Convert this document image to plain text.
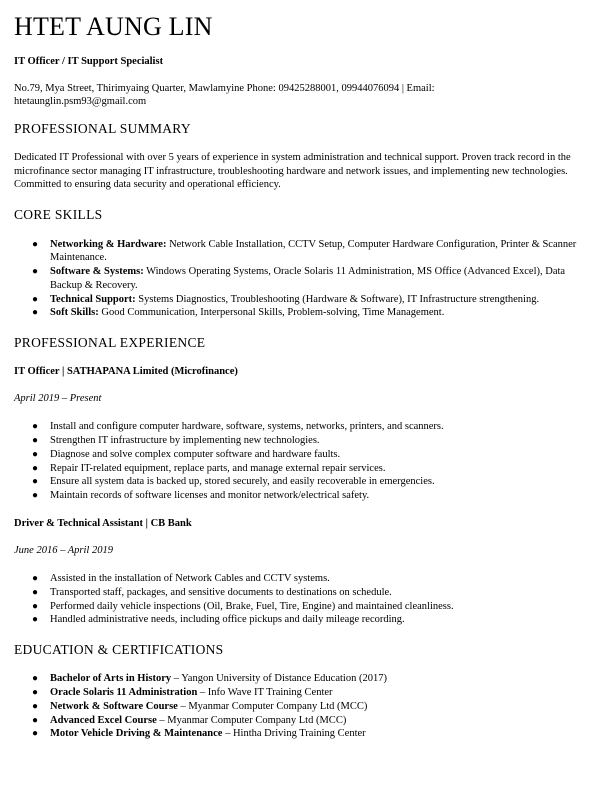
HTET AUNG LIN

IT Officer / IT Support Specialist

No.79, Mya Street, Thirimyaing Quarter, Mawlamyine Phone: 09425288001, 09944076094 | Email:
htetaunglin.psm93@gmail.com

PROFESSIONAL SUMMARY

Dedicated IT Professional with over 5 years of experience in system administration and technical support. Proven track record in the microfinance sector managing IT infrastructure, troubleshooting hardware and network issues, and implementing new technologies. Committed to ensuring data security and operational efficiency.

CORE SKILLS
● Networking & Hardware: Network Cable Installation, CCTV Setup, Computer Hardware Configuration, Printer & Scanner Maintenance.
● Software & Systems: Windows Operating Systems, Oracle Solaris 11 Administration, MS Office (Advanced Excel), Data Backup & Recovery.
● Technical Support: Systems Diagnostics, Troubleshooting (Hardware & Software), IT Infrastructure strengthening.
● Soft Skills: Good Communication, Interpersonal Skills, Problem-solving, Time Management.
PROFESSIONAL EXPERIENCE

IT Officer | SATHAPANA Limited (Microfinance)

April 2019 – Present

● Install and configure computer hardware, software, systems, networks, printers, and scanners.
● Strengthen IT infrastructure by implementing new technologies.
● Diagnose and solve complex computer software and hardware faults.
● Repair IT-related equipment, replace parts, and manage external repair services.
● Ensure all system data is backed up, stored securely, and easily recoverable in emergencies.
● Maintain records of software licenses and monitor network/electrical safety.

Driver & Technical Assistant | CB Bank

June 2016 – April 2019

● Assisted in the installation of Network Cables and CCTV systems.
● Transported staff, packages, and sensitive documents to destinations on schedule.
● Performed daily vehicle inspections (Oil, Brake, Fuel, Tire, Engine) and maintained cleanliness.
● Handled administrative needs, including office pickups and daily mileage recording.
EDUCATION & CERTIFICATIONS
● Bachelor of Arts in History – Yangon University of Distance Education (2017)
● Oracle Solaris 11 Administration – Info Wave IT Training Center
● Network & Software Course – Myanmar Computer Company Ltd (MCC)
● Advanced Excel Course – Myanmar Computer Company Ltd (MCC)
● Motor Vehicle Driving & Maintenance – Hintha Driving Training Center
